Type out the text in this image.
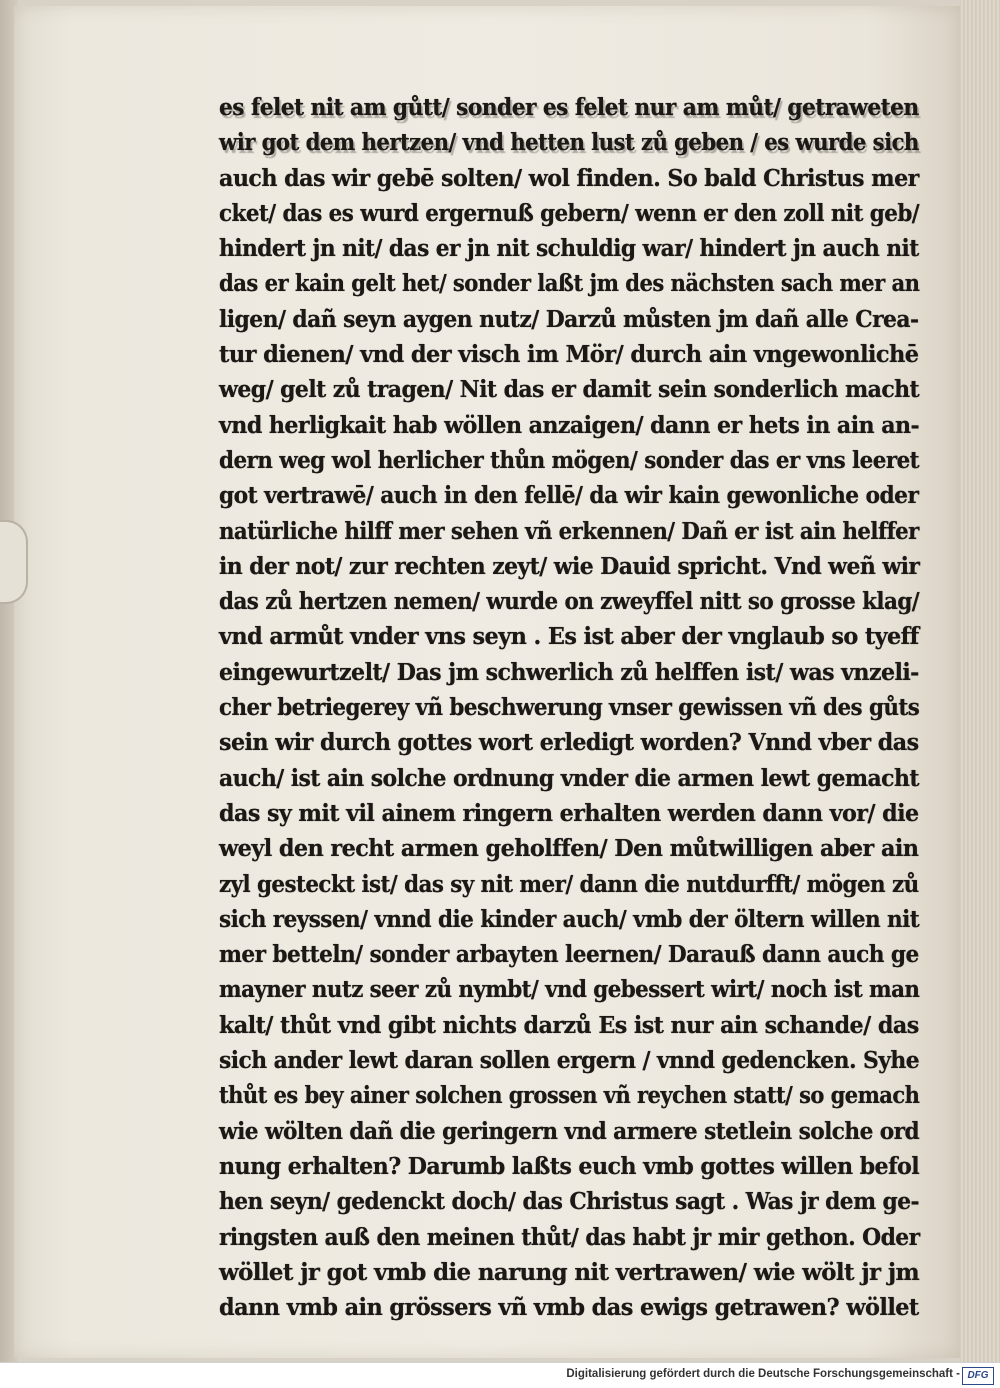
es felet nit am gůtt/ sonder es felet nur am můt/ getraweten
wir got dem hertzen/ vnd hetten lust zů geben / es wurde sich
auch das wir gebē solten/ wol finden. So bald Christus mer
cket/ das es wurd ergernuß gebern/ wenn er den zoll nit geb/
hindert jn nit/ das er jn nit schuldig war/ hindert jn auch nit
das er kain gelt het/ sonder laßt jm des nächsten sach mer an
ligen/ dañ seyn aygen nutz/ Darzů můsten jm dañ alle Crea-
tur dienen/ vnd der visch im Mör/ durch ain vngewonlichē
weg/ gelt zů tragen/ Nit das er damit sein sonderlich macht
vnd herligkait hab wöllen anzaigen/ dann er hets in ain an-
dern weg wol herlicher thůn mögen/ sonder das er vns leeret
got vertrawē/ auch in den fellē/ da wir kain gewonliche oder
natürliche hilff mer sehen vñ erkennen/ Dañ er ist ain helffer
in der not/ zur rechten zeyt/ wie Dauid spricht. Vnd weñ wir
das zů hertzen nemen/ wurde on zweyffel nitt so grosse klag/
vnd armůt vnder vns seyn . Es ist aber der vnglaub so tyeff
eingewurtzelt/ Das jm schwerlich zů helffen ist/ was vnzeli-
cher betriegerey vñ beschwerung vnser gewissen vñ des gůts
sein wir durch gottes wort erledigt worden? Vnnd vber das
auch/ ist ain solche ordnung vnder die armen lewt gemacht
das sy mit vil ainem ringern erhalten werden dann vor/ die
weyl den recht armen geholffen/ Den můtwilligen aber ain
zyl gesteckt ist/ das sy nit mer/ dann die nutdurfft/ mögen zů
sich reyssen/ vnnd die kinder auch/ vmb der öltern willen nit
mer betteln/ sonder arbayten leernen/ Darauß dann auch ge
mayner nutz seer zů nymbt/ vnd gebessert wirt/ noch ist man
kalt/ thůt vnd gibt nichts darzů Es ist nur ain schande/ das
sich ander lewt daran sollen ergern / vnnd gedencken. Syhe
thůt es bey ainer solchen grossen vñ reychen statt/ so gemach
wie wölten dañ die geringern vnd armere stetlein solche ord
nung erhalten? Darumb laßts euch vmb gottes willen befol
hen seyn/ gedenckt doch/ das Christus sagt . Was jr dem ge-
ringsten auß den meinen thůt/ das habt jr mir gethon. Oder
wöllet jr got vmb die narung nit vertrawen/ wie wölt jr jm
dann vmb ain grössers vñ vmb das ewigs getrawen? wöllet
Digitalisierung gefördert durch die Deutsche Forschungsgemeinschaft - DFG
